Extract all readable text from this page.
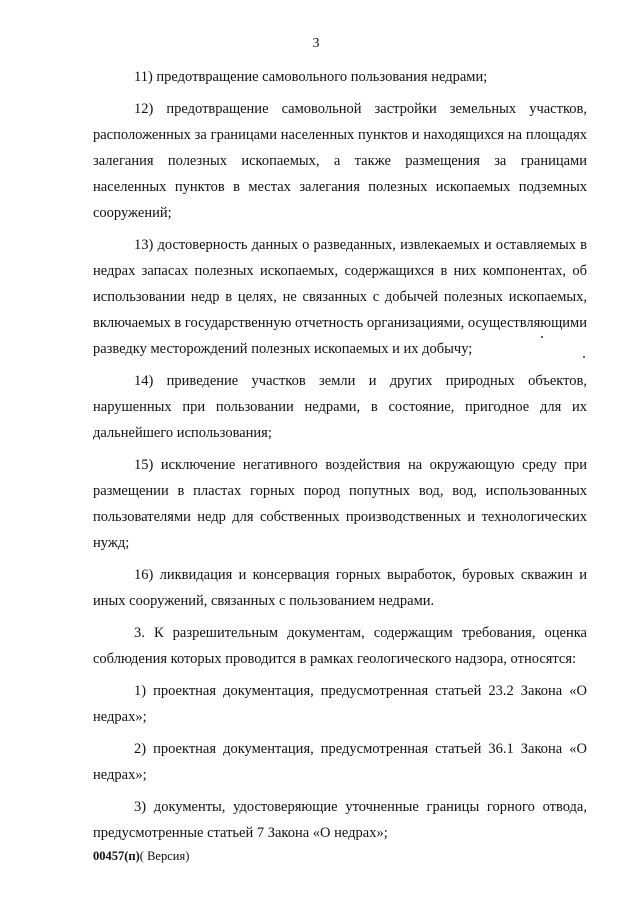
3

11) предотвращение самовольного пользования недрами;

12) предотвращение самовольной застройки земельных участков, расположенных за границами населенных пунктов и находящихся на площадях залегания полезных ископаемых, а также размещения за границами населенных пунктов в местах залегания полезных ископаемых подземных сооружений;

13) достоверность данных о разведанных, извлекаемых и оставляемых в недрах запасах полезных ископаемых, содержащихся в них компонентах, об использовании недр в целях, не связанных с добычей полезных ископаемых, включаемых в государственную отчетность организациями, осуществляющими разведку месторождений полезных ископаемых и их добычу;

14) приведение участков земли и других природных объектов, нарушенных при пользовании недрами, в состояние, пригодное для их дальнейшего использования;

15) исключение негативного воздействия на окружающую среду при размещении в пластах горных пород попутных вод, вод, использованных пользователями недр для собственных производственных и технологических нужд;

16) ликвидация и консервация горных выработок, буровых скважин и иных сооружений, связанных с пользованием недрами.

3. К разрешительным документам, содержащим требования, оценка соблюдения которых проводится в рамках геологического надзора, относятся:

1) проектная документация, предусмотренная статьей 23.2 Закона «О недрах»;

2) проектная документация, предусмотренная статьей 36.1 Закона «О недрах»;

3) документы, удостоверяющие уточненные границы горного отвода, предусмотренные статьей 7 Закона «О недрах»;

00457(п)( Версия)
